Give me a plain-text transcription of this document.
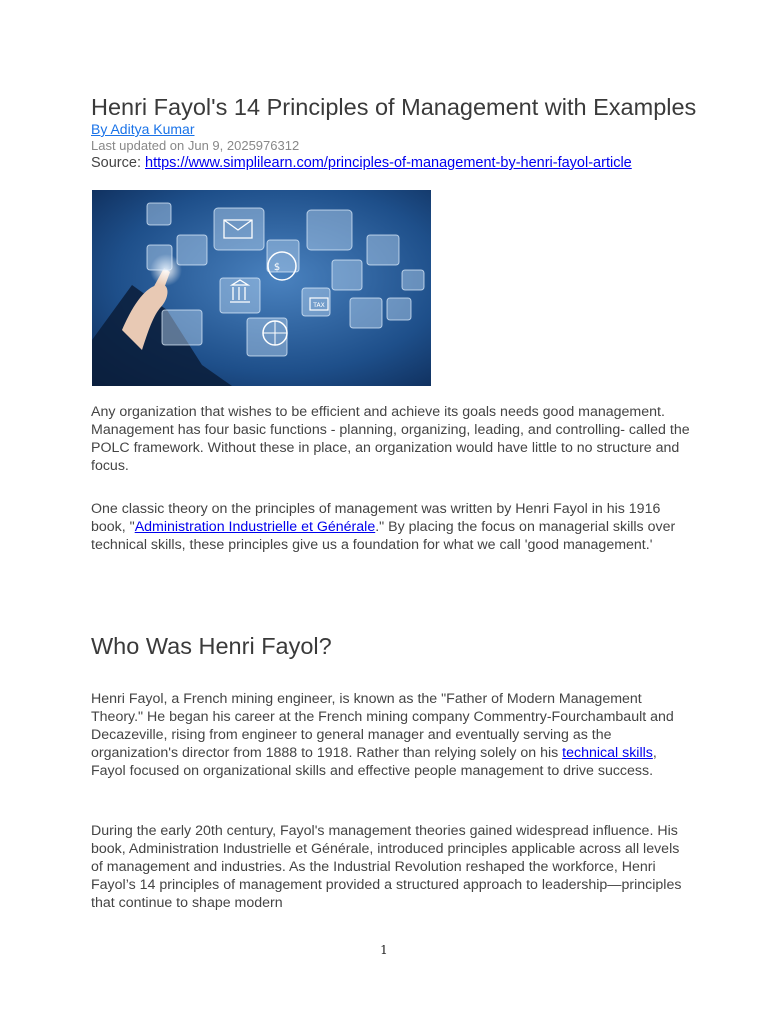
Henri Fayol's 14 Principles of Management with Examples
By Aditya Kumar
Last updated on Jun 9, 2025976312
Source: https://www.simplilearn.com/principles-of-management-by-henri-fayol-article
$
TAX

Any organization that wishes to be efficient and achieve its goals needs good management. Management has four basic functions - planning, organizing, leading, and controlling- called the POLC framework. Without these in place, an organization would have little to no structure and focus.

One classic theory on the principles of management was written by Henri Fayol in his 1916 book, "Administration Industrielle et Générale." By placing the focus on managerial skills over technical skills, these principles give us a foundation for what we call 'good management.'

Who Was Henri Fayol?

Henri Fayol, a French mining engineer, is known as the "Father of Modern Management Theory." He began his career at the French mining company Commentry-Fourchambault and Decazeville, rising from engineer to general manager and eventually serving as the organization's director from 1888 to 1918. Rather than relying solely on his technical skills, Fayol focused on organizational skills and effective people management to drive success.

During the early 20th century, Fayol's management theories gained widespread influence. His book, Administration Industrielle et Générale, introduced principles applicable across all levels of management and industries. As the Industrial Revolution reshaped the workforce, Henri Fayol’s 14 principles of management provided a structured approach to leadership—principles that continue to shape modern

1
